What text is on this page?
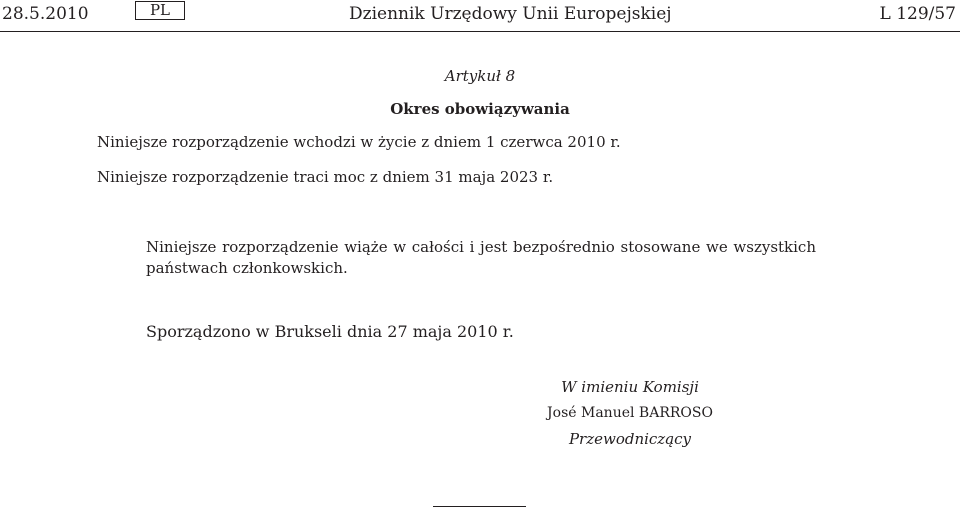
28.5.2010	PL	Dziennik Urzędowy Unii Europejskiej	L 129/57
Artykuł 8
Okres obowiązywania
Niniejsze rozporządzenie wchodzi w życie z dniem 1 czerwca 2010 r.
Niniejsze rozporządzenie traci moc z dniem 31 maja 2023 r.
Niniejsze rozporządzenie wiąże w całości i jest bezpośrednio stosowane we wszystkich państwach członkowskich.
Sporządzono w Brukseli dnia 27 maja 2010 r.
W imieniu Komisji
José Manuel BARROSO
Przewodniczący
